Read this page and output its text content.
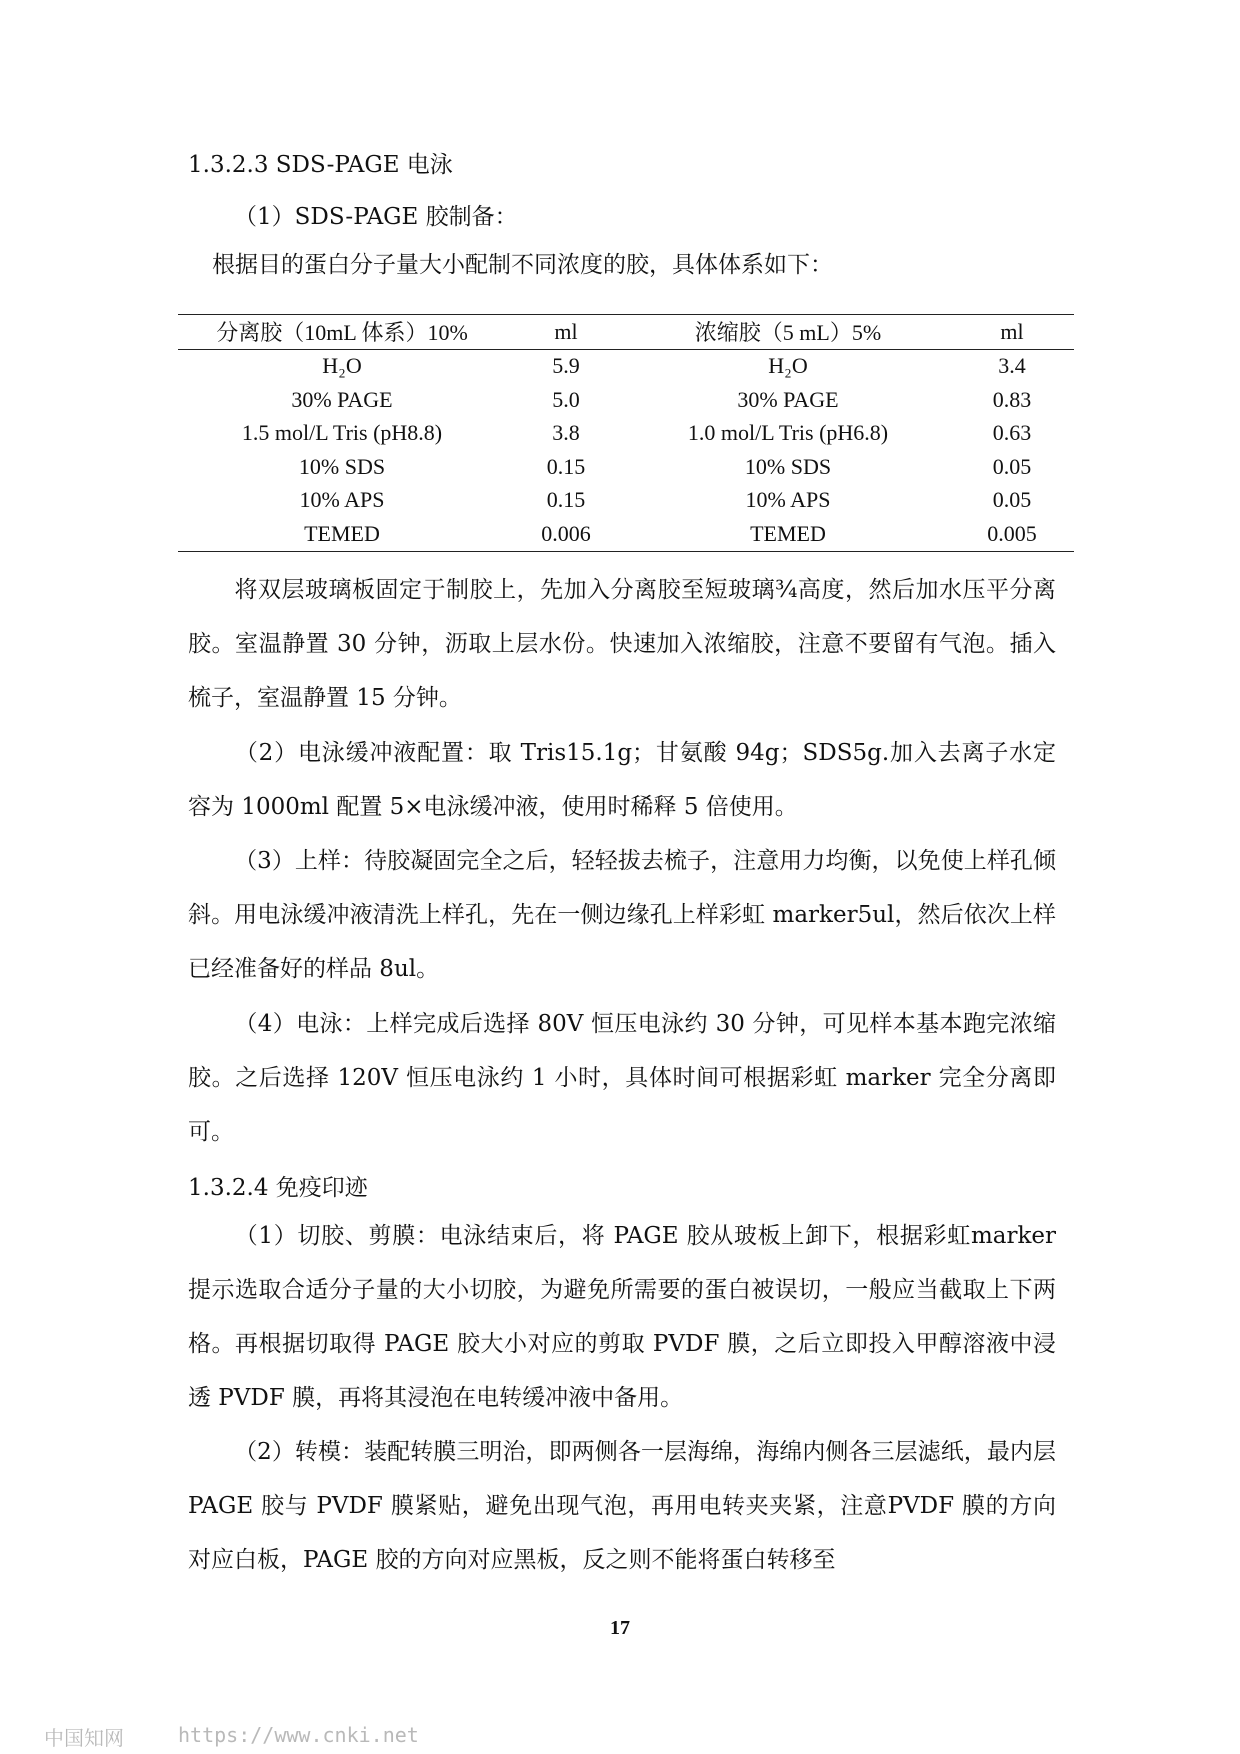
1.3.2.3 SDS-PAGE 电泳
（1）SDS-PAGE 胶制备：
根据目的蛋白分子量大小配制不同浓度的胶，具体体系如下：
分离胶（10mL 体系）10%	ml	浓缩胶（5 mL）5%	ml
H₂O	5.9	H₂O	3.4
30% PAGE	5.0	30% PAGE	0.83
1.5 mol/L Tris (pH8.8)	3.8	1.0 mol/L Tris (pH6.8)	0.63
10% SDS	0.15	10% SDS	0.05
10% APS	0.15	10% APS	0.05
TEMED	0.006	TEMED	0.005
将双层玻璃板固定于制胶上，先加入分离胶至短玻璃¾高度，然后加水压平分离胶。室温静置 30 分钟，沥取上层水份。快速加入浓缩胶，注意不要留有气泡。插入梳子，室温静置 15 分钟。
（2）电泳缓冲液配置：取 Tris15.1g；甘氨酸 94g；SDS5g.加入去离子水定容为 1000ml 配置 5×电泳缓冲液，使用时稀释 5 倍使用。
（3）上样：待胶凝固完全之后，轻轻拔去梳子，注意用力均衡，以免使上样孔倾斜。用电泳缓冲液清洗上样孔，先在一侧边缘孔上样彩虹 marker5ul，然后依次上样已经准备好的样品 8ul。
（4）电泳：上样完成后选择 80V 恒压电泳约 30 分钟，可见样本基本跑完浓缩胶。之后选择 120V 恒压电泳约 1 小时，具体时间可根据彩虹 marker 完全分离即可。
1.3.2.4 免疫印迹
（1）切胶、剪膜：电泳结束后，将 PAGE 胶从玻板上卸下，根据彩虹marker 提示选取合适分子量的大小切胶，为避免所需要的蛋白被误切，一般应当截取上下两格。再根据切取得 PAGE 胶大小对应的剪取 PVDF 膜，之后立即投入甲醇溶液中浸透 PVDF 膜，再将其浸泡在电转缓冲液中备用。
（2）转模：装配转膜三明治，即两侧各一层海绵，海绵内侧各三层滤纸，最内层 PAGE 胶与 PVDF 膜紧贴，避免出现气泡，再用电转夹夹紧，注意PVDF 膜的方向对应白板，PAGE 胶的方向对应黑板，反之则不能将蛋白转移至
17
中国知网	https://www.cnki.net
